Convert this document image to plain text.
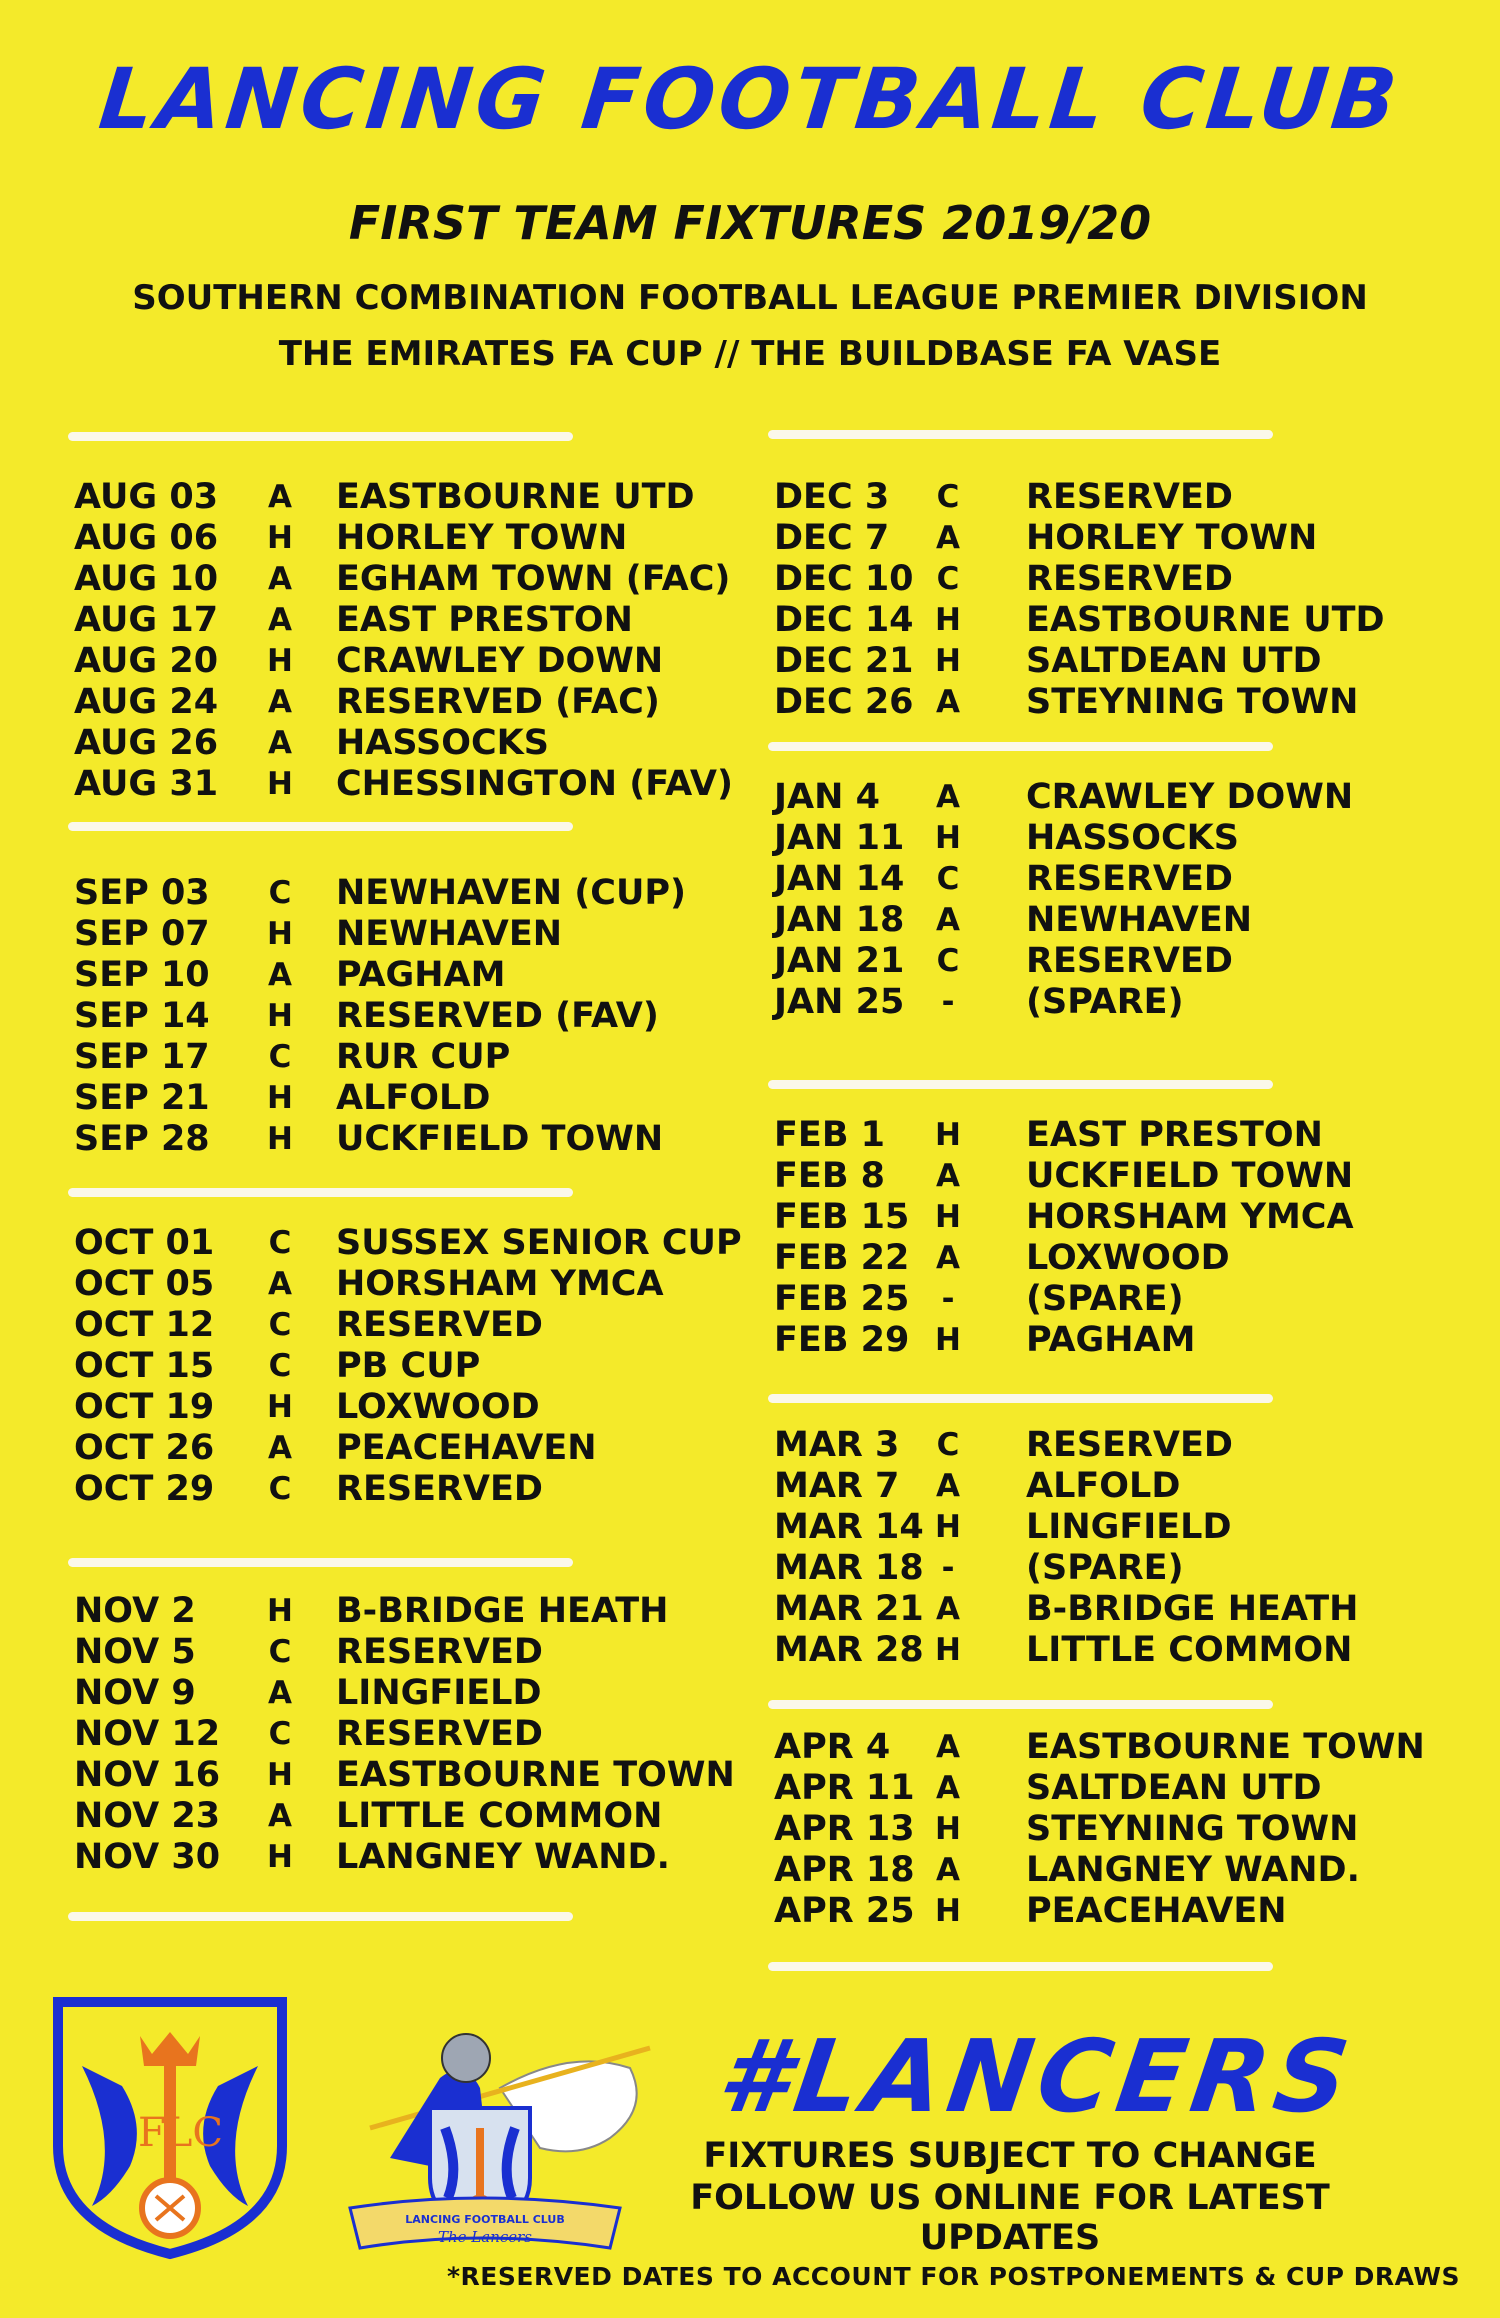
LANCING FOOTBALL CLUB
FIRST TEAM FIXTURES 2019/20
SOUTHERN COMBINATION FOOTBALL LEAGUE PREMIER DIVISION
THE EMIRATES FA CUP // THE BUILDBASE FA VASE
AUG 03 A EASTBOURNE UTD
AUG 06 H HORLEY TOWN
AUG 10 A EGHAM TOWN (FAC)
AUG 17 A EAST PRESTON
AUG 20 H CRAWLEY DOWN
AUG 24 A RESERVED (FAC)
AUG 26 A HASSOCKS
AUG 31 H CHESSINGTON (FAV)
SEP 03 C NEWHAVEN (CUP)
SEP 07 H NEWHAVEN
SEP 10 A PAGHAM
SEP 14 H RESERVED (FAV)
SEP 17 C RUR CUP
SEP 21 H ALFOLD
SEP 28 H UCKFIELD TOWN
OCT 01 C SUSSEX SENIOR CUP
OCT 05 A HORSHAM YMCA
OCT 12 C RESERVED
OCT 15 C PB CUP
OCT 19 H LOXWOOD
OCT 26 A PEACEHAVEN
OCT 29 C RESERVED
NOV 2 H B-BRIDGE HEATH
NOV 5 C RESERVED
NOV 9 A LINGFIELD
NOV 12 C RESERVED
NOV 16 H EASTBOURNE TOWN
NOV 23 A LITTLE COMMON
NOV 30 H LANGNEY WAND.
DEC 3 C RESERVED
DEC 7 A HORLEY TOWN
DEC 10 C RESERVED
DEC 14 H EASTBOURNE UTD
DEC 21 H SALTDEAN UTD
DEC 26 A STEYNING TOWN
JAN 4 A CRAWLEY DOWN
JAN 11 H HASSOCKS
JAN 14 C RESERVED
JAN 18 A NEWHAVEN
JAN 21 C RESERVED
JAN 25	-	(SPARE)
FEB 1 H EAST PRESTON
FEB 8 A UCKFIELD TOWN
FEB 15 H HORSHAM YMCA
FEB 22 A LOXWOOD
FEB 25	-	(SPARE)
FEB 29 H PAGHAM
MAR 3 C RESERVED
MAR 7 A ALFOLD
MAR 14 H LINGFIELD
MAR 18 -	(SPARE)
MAR 21 A B-BRIDGE HEATH
MAR 28 H LITTLE COMMON
APR 4 A EASTBOURNE TOWN
APR 11 A SALTDEAN UTD
APR 13 H STEYNING TOWN
APR 18 A LANGNEY WAND.
APR 25 H PEACEHAVEN
FLC
LANCING FOOTBALL CLUB
The Lancers
#LANCERS
FIXTURES SUBJECT TO CHANGE
FOLLOW US ONLINE FOR LATEST UPDATES
*RESERVED DATES TO ACCOUNT FOR POSTPONEMENTS & CUP DRAWS
